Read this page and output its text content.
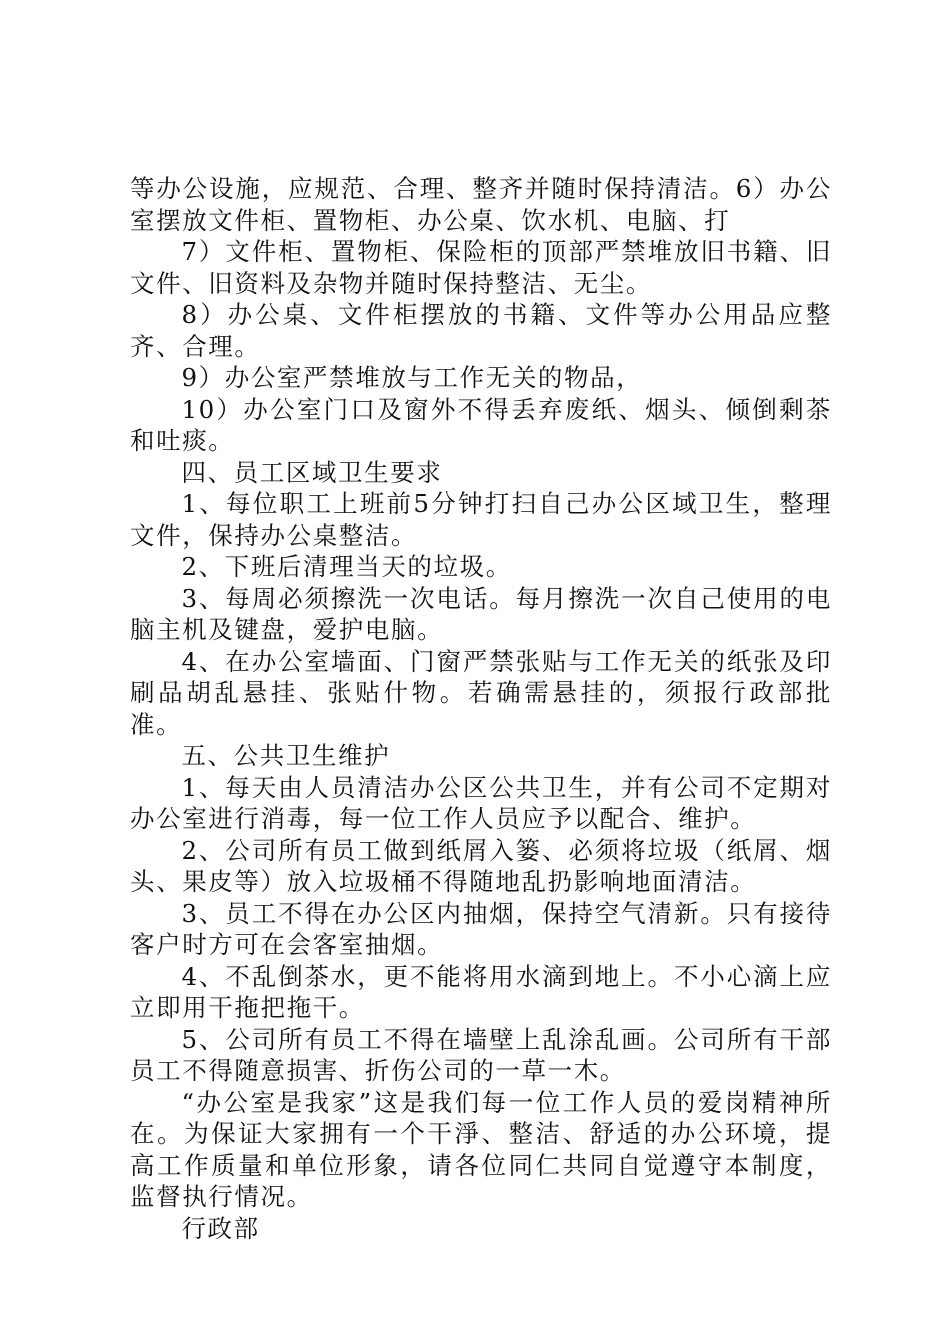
等办公设施，应规范、合理、整齐并随时保持清洁。6）办公室摆放文件柜、置物柜、办公桌、饮水机、电脑、打

7）文件柜、置物柜、保险柜的顶部严禁堆放旧书籍、旧文件、旧资料及杂物并随时保持整洁、无尘。

8）办公桌、文件柜摆放的书籍、文件等办公用品应整齐、合理。

9）办公室严禁堆放与工作无关的物品，

10）办公室门口及窗外不得丢弃废纸、烟头、倾倒剩茶和吐痰。

四、员工区域卫生要求

1、每位职工上班前5分钟打扫自己办公区域卫生，整理文件，保持办公桌整洁。

2、下班后清理当天的垃圾。

3、每周必须擦洗一次电话。每月擦洗一次自己使用的电脑主机及键盘，爱护电脑。

4、在办公室墙面、门窗严禁张贴与工作无关的纸张及印刷品胡乱悬挂、张贴什物。若确需悬挂的，须报行政部批准。

五、公共卫生维护

1、每天由人员清洁办公区公共卫生，并有公司不定期对办公室进行消毒，每一位工作人员应予以配合、维护。

2、公司所有员工做到纸屑入篓、必须将垃圾（纸屑、烟头、果皮等）放入垃圾桶不得随地乱扔影响地面清洁。

3、员工不得在办公区内抽烟，保持空气清新。只有接待客户时方可在会客室抽烟。

4、不乱倒茶水，更不能将用水滴到地上。不小心滴上应立即用干拖把拖干。

5、公司所有员工不得在墙壁上乱涂乱画。公司所有干部员工不得随意损害、折伤公司的一草一木。

“办公室是我家”这是我们每一位工作人员的爱岗精神所在。为保证大家拥有一个干淨、整洁、舒适的办公环境，提高工作质量和单位形象，请各位同仁共同自觉遵守本制度，监督执行情况。

行政部
